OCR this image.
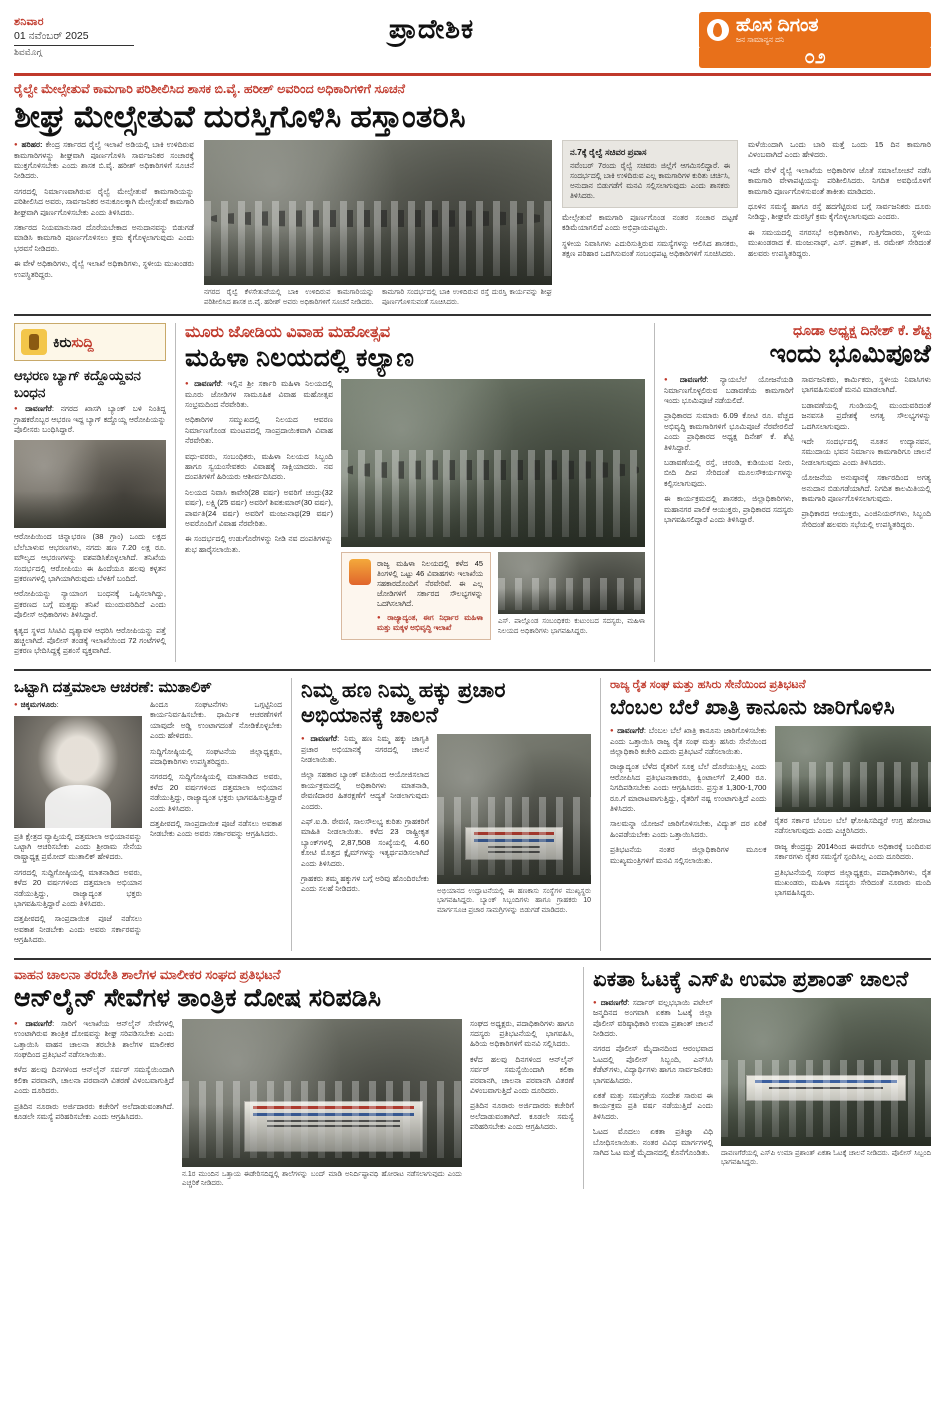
ಶನಿವಾರ
01 ನವೆಂಬರ್ 2025
ಶಿವಮೊಗ್ಗ
ಪ್ರಾದೇಶಿಕ	ಹೊಸ ದಿಗಂತ
ಜನ ಸಾಮಾನ್ಯನ ದನಿ
೦೨
ರೈಲ್ವೇ ಮೇಲ್ಸೇತುವೆ ಕಾಮಗಾರಿ ಪರಿಶೀಲಿಸಿದ ಶಾಸಕ ಬಿ.ವೈ. ಹರೀಶ್ ಅವರಿಂದ ಅಧಿಕಾರಿಗಳಿಗೆ ಸೂಚನೆ
ಶೀಘ್ರ ಮೇಲ್ಸೇತುವೆ ದುರಸ್ತಿಗೊಳಿಸಿ ಹಸ್ತಾಂತರಿಸಿ

● ಹರಿಹರ: ಕೇಂದ್ರ ಸರ್ಕಾರದ ರೈಲ್ವೆ ಇಲಾಖೆ ಅಡಿಯಲ್ಲಿ ಬಾಕಿ ಉಳಿದಿರುವ ಕಾಮಗಾರಿಗಳನ್ನು ಶೀಘ್ರವಾಗಿ ಪೂರ್ಣಗೊಳಿಸಿ ಸಾರ್ವಜನಿಕರ ಸಂಚಾರಕ್ಕೆ ಮುಕ್ತಗೊಳಿಸಬೇಕು ಎಂದು ಶಾಸಕ ಬಿ.ವೈ. ಹರೀಶ್ ಅಧಿಕಾರಿಗಳಿಗೆ ಸೂಚನೆ ನೀಡಿದರು.

ನಗರದಲ್ಲಿ ನಿರ್ಮಾಣವಾಗಿರುವ ರೈಲ್ವೆ ಮೇಲ್ಸೇತುವೆ ಕಾಮಗಾರಿಯನ್ನು ಪರಿಶೀಲಿಸಿದ ಅವರು, ಸಾರ್ವಜನಿಕರ ಅನುಕೂಲಕ್ಕಾಗಿ ಮೇಲ್ಸೇತುವೆ ಕಾಮಗಾರಿ ಶೀಘ್ರವಾಗಿ ಪೂರ್ಣಗೊಳಿಸಬೇಕು ಎಂದು ತಿಳಿಸಿದರು.

ಸರ್ಕಾರದ ನಿಯಮಾನುಸಾರ ದೊರೆಯಬೇಕಾದ ಅನುದಾನವನ್ನು ಬಿಡುಗಡೆ ಮಾಡಿಸಿ ಕಾಮಗಾರಿ ಪೂರ್ಣಗೊಳಿಸಲು ಕ್ರಮ ಕೈಗೊಳ್ಳಲಾಗುವುದು ಎಂದು ಭರವಸೆ ನೀಡಿದರು.

ಈ ವೇಳೆ ಅಧಿಕಾರಿಗಳು, ರೈಲ್ವೆ ಇಲಾಖೆ ಅಧಿಕಾರಿಗಳು, ಸ್ಥಳೀಯ ಮುಖಂಡರು ಉಪಸ್ಥಿತರಿದ್ದರು.

ನಗರದ ರೈಲ್ವೆ ಕೆಳಸೇತುವೆಯಲ್ಲಿ ಬಾಕಿ ಉಳಿದಿರುವ ಕಾಮಗಾರಿಯನ್ನು ಪರಿಶೀಲಿಸಿದ ಶಾಸಕ ಬಿ.ವೈ. ಹರೀಶ್ ಅವರು ಅಧಿಕಾರಿಗಳಿಗೆ ಸೂಚನೆ ನೀಡಿದರು.
ಕಾಮಗಾರಿ ಸಂದರ್ಭದಲ್ಲಿ ಬಾಕಿ ಉಳಿದಿರುವ ರಸ್ತೆ ದುರಸ್ತಿ ಕಾರ್ಯವನ್ನು ಶೀಘ್ರ ಪೂರ್ಣಗೊಳಿಸುವಂತೆ ಸೂಚಿಸಿದರು.
ನ.7ಕ್ಕೆ ರೈಲ್ವೆ ಸಚಿವರ ಪ್ರವಾಸ
ನವೆಂಬರ್ 7ರಂದು ರೈಲ್ವೆ ಸಚಿವರು ಜಿಲ್ಲೆಗೆ ಆಗಮಿಸಲಿದ್ದಾರೆ. ಈ ಸಂದರ್ಭದಲ್ಲಿ ಬಾಕಿ ಉಳಿದಿರುವ ಎಲ್ಲ ಕಾಮಗಾರಿಗಳ ಕುರಿತು ಚರ್ಚಿಸಿ, ಅನುದಾನ ಬಿಡುಗಡೆಗೆ ಮನವಿ ಸಲ್ಲಿಸಲಾಗುವುದು ಎಂದು ಶಾಸಕರು ತಿಳಿಸಿದರು.

ಮೇಲ್ಸೇತುವೆ ಕಾಮಗಾರಿ ಪೂರ್ಣಗೊಂಡ ನಂತರ ಸಂಚಾರ ದಟ್ಟಣೆ ಕಡಿಮೆಯಾಗಲಿದೆ ಎಂದು ಅಭಿಪ್ರಾಯಪಟ್ಟರು.

ಸ್ಥಳೀಯ ನಿವಾಸಿಗಳು ಎದುರಿಸುತ್ತಿರುವ ಸಮಸ್ಯೆಗಳನ್ನು ಆಲಿಸಿದ ಶಾಸಕರು, ತಕ್ಷಣ ಪರಿಹಾರ ಒದಗಿಸುವಂತೆ ಸಂಬಂಧಪಟ್ಟ ಅಧಿಕಾರಿಗಳಿಗೆ ಸೂಚಿಸಿದರು.

ಮಳೆಯಿಂದಾಗಿ ಒಂದು ಬಾರಿ ಮತ್ತೆ ಒಂದು 15 ದಿನ ಕಾಮಗಾರಿ ವಿಳಂಬವಾಗಿದೆ ಎಂದು ಹೇಳಿದರು.

ಇದೇ ವೇಳೆ ರೈಲ್ವೆ ಇಲಾಖೆಯ ಅಧಿಕಾರಿಗಳ ಜೊತೆ ಸಮಾಲೋಚನೆ ನಡೆಸಿ ಕಾಮಗಾರಿ ವೇಳಾಪಟ್ಟಿಯನ್ನು ಪರಿಶೀಲಿಸಿದರು. ನಿಗದಿತ ಅವಧಿಯೊಳಗೆ ಕಾಮಗಾರಿ ಪೂರ್ಣಗೊಳಿಸುವಂತೆ ತಾಕೀತು ಮಾಡಿದರು.

ಧೂಳಿನ ಸಮಸ್ಯೆ ಹಾಗೂ ರಸ್ತೆ ಹದಗೆಟ್ಟಿರುವ ಬಗ್ಗೆ ಸಾರ್ವಜನಿಕರು ದೂರು ನೀಡಿದ್ದು, ಶೀಘ್ರವೇ ದುರಸ್ತಿಗೆ ಕ್ರಮ ಕೈಗೊಳ್ಳಲಾಗುವುದು ಎಂದರು.

ಈ ಸಮಯದಲ್ಲಿ ನಗರಸಭೆ ಅಧಿಕಾರಿಗಳು, ಗುತ್ತಿಗೆದಾರರು, ಸ್ಥಳೀಯ ಮುಖಂಡರಾದ ಕೆ. ಮಂಜುನಾಥ್, ಎಸ್. ಪ್ರಕಾಶ್, ಜಿ. ರಮೇಶ್ ಸೇರಿದಂತೆ ಹಲವರು ಉಪಸ್ಥಿತರಿದ್ದರು.

ಕಿರುಸುದ್ದಿ
ಆಭರಣ ಬ್ಯಾಗ್ ಕದ್ದೊಯ್ದವನ ಬಂಧನ

● ದಾವಣಗೆರೆ: ನಗರದ ಖಾಸಗಿ ಬ್ಯಾಂಕ್ ಬಳಿ ನಿಂತಿದ್ದ ಗ್ರಾಹಕರೊಬ್ಬರ ಆಭರಣ ಇದ್ದ ಬ್ಯಾಗ್ ಕದ್ದೊಯ್ದ ಆರೋಪಿಯನ್ನು ಪೊಲೀಸರು ಬಂಧಿಸಿದ್ದಾರೆ.

ಆರೋಪಿಯಿಂದ ಚಿನ್ನಾಭರಣ (38 ಗ್ರಾಂ) ಒಂದು ಲಕ್ಷದ ಬೆಲೆಬಾಳುವ ಆಭರಣಗಳು, ನಗದು ಹಣ 7.20 ಲಕ್ಷ ರೂ. ಮೌಲ್ಯದ ಆಭರಣಗಳನ್ನು ವಶಪಡಿಸಿಕೊಳ್ಳಲಾಗಿದೆ. ತನಿಖೆಯ ಸಂದರ್ಭದಲ್ಲಿ ಆರೋಪಿಯು ಈ ಹಿಂದೆಯೂ ಹಲವು ಕಳ್ಳತನ ಪ್ರಕರಣಗಳಲ್ಲಿ ಭಾಗಿಯಾಗಿರುವುದು ಬೆಳಕಿಗೆ ಬಂದಿದೆ.

ಆರೋಪಿಯನ್ನು ನ್ಯಾಯಾಂಗ ಬಂಧನಕ್ಕೆ ಒಪ್ಪಿಸಲಾಗಿದ್ದು, ಪ್ರಕರಣದ ಬಗ್ಗೆ ಮತ್ತಷ್ಟು ತನಿಖೆ ಮುಂದುವರಿದಿದೆ ಎಂದು ಪೊಲೀಸ್ ಅಧಿಕಾರಿಗಳು ತಿಳಿಸಿದ್ದಾರೆ.

ಕೃತ್ಯದ ಸ್ಥಳದ ಸಿಸಿಟಿವಿ ದೃಶ್ಯಾವಳಿ ಆಧರಿಸಿ ಆರೋಪಿಯನ್ನು ಪತ್ತೆ ಹಚ್ಚಲಾಗಿದೆ. ಪೊಲೀಸ್ ತಂಡಕ್ಕೆ ಇಲಾಖೆಯಿಂದ 72 ಗಂಟೆಗಳಲ್ಲಿ ಪ್ರಕರಣ ಭೇದಿಸಿದ್ದಕ್ಕೆ ಪ್ರಶಂಸೆ ವ್ಯಕ್ತವಾಗಿದೆ.

ಮೂರು ಜೋಡಿಯ ವಿವಾಹ ಮಹೋತ್ಸವ
ಮಹಿಳಾ ನಿಲಯದಲ್ಲಿ ಕಲ್ಯಾಣ

● ದಾವಣಗೆರೆ: ಇಲ್ಲಿನ ಶ್ರೀ ಸರ್ಕಾರಿ ಮಹಿಳಾ ನಿಲಯದಲ್ಲಿ ಮೂರು ಜೋಡಿಗಳ ಸಾಮೂಹಿಕ ವಿವಾಹ ಮಹೋತ್ಸವ ಸಂಭ್ರಮದಿಂದ ನೆರವೇರಿತು.

ಅಧಿಕಾರಿಗಳ ಸಮ್ಮುಖದಲ್ಲಿ ನಿಲಯದ ಆವರಣ ನಿರ್ಮಾಣಗೊಂಡ ಮಂಟಪದಲ್ಲಿ ಸಾಂಪ್ರದಾಯಿಕವಾಗಿ ವಿವಾಹ ನೆರವೇರಿತು.

ವಧು-ವರರು, ಸಂಬಂಧಿಕರು, ಮಹಿಳಾ ನಿಲಯದ ಸಿಬ್ಬಂದಿ ಹಾಗೂ ಸ್ವಯಂಸೇವಕರು ವಿವಾಹಕ್ಕೆ ಸಾಕ್ಷಿಯಾದರು. ನವ ದಂಪತಿಗಳಿಗೆ ಹಿರಿಯರು ಆಶೀರ್ವದಿಸಿದರು.

ನಿಲಯದ ನಿವಾಸಿ ಕಾವೇರಿ(28 ವರ್ಷ) ಅವರಿಗೆ ಚಂದ್ರು(32 ವರ್ಷ), ಲಕ್ಷ್ಮಿ(25 ವರ್ಷ) ಅವರಿಗೆ ಶಿವಕುಮಾರ್(30 ವರ್ಷ), ಪಾರ್ವತಿ(24 ವರ್ಷ) ಅವರಿಗೆ ಮಂಜುನಾಥ(29 ವರ್ಷ) ಅವರೊಂದಿಗೆ ವಿವಾಹ ನೆರವೇರಿತು.

ಈ ಸಂದರ್ಭದಲ್ಲಿ ಉಡುಗೊರೆಗಳನ್ನು ನೀಡಿ ನವ ದಂಪತಿಗಳನ್ನು ಶುಭ ಹಾರೈಸಲಾಯಿತು.

ರಾಜ್ಯ ಮಹಿಳಾ ನಿಲಯದಲ್ಲಿ ಕಳೆದ 45 ತಿಂಗಳಲ್ಲಿ ಒಟ್ಟು 46 ವಿವಾಹಗಳು ಇಲಾಖೆಯ ಸಹಕಾರದೊಂದಿಗೆ ನೆರವೇರಿವೆ. ಈ ಎಲ್ಲ ಜೋಡಿಗಳಿಗೆ ಸರ್ಕಾರದ ಸೌಲಭ್ಯಗಳನ್ನು ಒದಗಿಸಲಾಗಿದೆ.
● ರಾಜ್ಯಾದ್ಯಂತ, ಈಗ ನಿರ್ಧಾರ ಮಹಿಳಾ ಮತ್ತು ಮಕ್ಕಳ ಅಭಿವೃದ್ಧಿ ಇಲಾಖೆ
ಎಸ್. ಪಾಲ್ಗೊಂಡ ಸಂಬಂಧಿಕರು ಕುಟುಂಬದ ಸದಸ್ಯರು, ಮಹಿಳಾ ನಿಲಯದ ಅಧಿಕಾರಿಗಳು ಭಾಗವಹಿಸಿದ್ದರು.
ಧೂಡಾ ಅಧ್ಯಕ್ಷ ದಿನೇಶ್ ಕೆ. ಶೆಟ್ಟಿ
ಇಂದು ಭೂಮಿಪೂಜೆ

● ದಾವಣಗೆರೆ: ನ್ಯಾಯಬೆಲೆ ಯೋಜನೆಯಡಿ ನಿರ್ಮಾಣಗೊಳ್ಳಲಿರುವ ಬಡಾವಣೆಯ ಕಾಮಗಾರಿಗೆ ಇಂದು ಭೂಮಿಪೂಜೆ ನಡೆಯಲಿದೆ.

ಪ್ರಾಧಿಕಾರದ ಸುಮಾರು 6.09 ಕೋಟಿ ರೂ. ವೆಚ್ಚದ ಅಭಿವೃದ್ಧಿ ಕಾಮಗಾರಿಗಳಿಗೆ ಭೂಮಿಪೂಜೆ ನೆರವೇರಲಿದೆ ಎಂದು ಪ್ರಾಧಿಕಾರದ ಅಧ್ಯಕ್ಷ ದಿನೇಶ್ ಕೆ. ಶೆಟ್ಟಿ ತಿಳಿಸಿದ್ದಾರೆ.

ಬಡಾವಣೆಯಲ್ಲಿ ರಸ್ತೆ, ಚರಂಡಿ, ಕುಡಿಯುವ ನೀರು, ಬೀದಿ ದೀಪ ಸೇರಿದಂತೆ ಮೂಲಸೌಕರ್ಯಗಳನ್ನು ಕಲ್ಪಿಸಲಾಗುವುದು.

ಈ ಕಾರ್ಯಕ್ರಮದಲ್ಲಿ ಶಾಸಕರು, ಜಿಲ್ಲಾಧಿಕಾರಿಗಳು, ಮಹಾನಗರ ಪಾಲಿಕೆ ಆಯುಕ್ತರು, ಪ್ರಾಧಿಕಾರದ ಸದಸ್ಯರು ಭಾಗವಹಿಸಲಿದ್ದಾರೆ ಎಂದು ತಿಳಿಸಿದ್ದಾರೆ.

ಸಾರ್ವಜನಿಕರು, ಕಾರ್ಮಿಕರು, ಸ್ಥಳೀಯ ನಿವಾಸಿಗಳು ಭಾಗವಹಿಸುವಂತೆ ಮನವಿ ಮಾಡಲಾಗಿದೆ.

ಬಡಾವಣೆಯಲ್ಲಿ ಗುಂಡಿಯಲ್ಲಿ ಮುಂದುವರಿದಂತೆ ಜನವಸತಿ ಪ್ರದೇಶಕ್ಕೆ ಅಗತ್ಯ ಸೌಲಭ್ಯಗಳನ್ನು ಒದಗಿಸಲಾಗುವುದು.

ಇದೇ ಸಂದರ್ಭದಲ್ಲಿ ನೂತನ ಉದ್ಯಾನವನ, ಸಮುದಾಯ ಭವನ ನಿರ್ಮಾಣ ಕಾಮಗಾರಿಗೂ ಚಾಲನೆ ನೀಡಲಾಗುವುದು ಎಂದು ತಿಳಿಸಿದರು.

ಯೋಜನೆಯ ಅನುಷ್ಠಾನಕ್ಕೆ ಸರ್ಕಾರದಿಂದ ಅಗತ್ಯ ಅನುದಾನ ಬಿಡುಗಡೆಯಾಗಿದೆ. ನಿಗದಿತ ಕಾಲಮಿತಿಯಲ್ಲಿ ಕಾಮಗಾರಿ ಪೂರ್ಣಗೊಳಿಸಲಾಗುವುದು.

ಪ್ರಾಧಿಕಾರದ ಆಯುಕ್ತರು, ಎಂಜಿನಿಯರ್‌ಗಳು, ಸಿಬ್ಬಂದಿ ಸೇರಿದಂತೆ ಹಲವರು ಸಭೆಯಲ್ಲಿ ಉಪಸ್ಥಿತರಿದ್ದರು.

ಒಟ್ಟಾಗಿ ದತ್ತಮಾಲಾ ಆಚರಣೆ: ಮುತಾಲಿಕ್

● ಚಿಕ್ಕಮಗಳೂರು:

ಪ್ರತಿ ಕ್ಷೇತ್ರದ ವ್ಯಾಪ್ತಿಯಲ್ಲಿ ದತ್ತಮಾಲಾ ಅಭಿಯಾನವನ್ನು ಒಟ್ಟಾಗಿ ಆಚರಿಸಬೇಕು ಎಂದು ಶ್ರೀರಾಮ ಸೇನೆಯ ರಾಷ್ಟ್ರಾಧ್ಯಕ್ಷ ಪ್ರಮೋದ್ ಮುತಾಲಿಕ್ ಹೇಳಿದರು.

ನಗರದಲ್ಲಿ ಸುದ್ದಿಗೋಷ್ಠಿಯಲ್ಲಿ ಮಾತನಾಡಿದ ಅವರು, ಕಳೆದ 20 ವರ್ಷಗಳಿಂದ ದತ್ತಮಾಲಾ ಅಭಿಯಾನ ನಡೆಯುತ್ತಿದ್ದು, ರಾಜ್ಯಾದ್ಯಂತ ಭಕ್ತರು ಭಾಗವಹಿಸುತ್ತಿದ್ದಾರೆ ಎಂದು ತಿಳಿಸಿದರು.

ದತ್ತಪೀಠದಲ್ಲಿ ಸಾಂಪ್ರದಾಯಿಕ ಪೂಜೆ ನಡೆಸಲು ಅವಕಾಶ ನೀಡಬೇಕು ಎಂದು ಅವರು ಸರ್ಕಾರವನ್ನು ಆಗ್ರಹಿಸಿದರು.

ಹಿಂದೂ ಸಂಘಟನೆಗಳು ಒಗ್ಗಟ್ಟಿನಿಂದ ಕಾರ್ಯನಿರ್ವಹಿಸಬೇಕು. ಧಾರ್ಮಿಕ ಆಚರಣೆಗಳಿಗೆ ಯಾವುದೇ ಅಡ್ಡಿ ಉಂಟಾಗದಂತೆ ನೋಡಿಕೊಳ್ಳಬೇಕು ಎಂದು ಹೇಳಿದರು.

ಸುದ್ದಿಗೋಷ್ಠಿಯಲ್ಲಿ ಸಂಘಟನೆಯ ಜಿಲ್ಲಾಧ್ಯಕ್ಷರು, ಪದಾಧಿಕಾರಿಗಳು ಉಪಸ್ಥಿತರಿದ್ದರು.

ನಗರದಲ್ಲಿ ಸುದ್ದಿಗೋಷ್ಠಿಯಲ್ಲಿ ಮಾತನಾಡಿದ ಅವರು, ಕಳೆದ 20 ವರ್ಷಗಳಿಂದ ದತ್ತಮಾಲಾ ಅಭಿಯಾನ ನಡೆಯುತ್ತಿದ್ದು, ರಾಜ್ಯಾದ್ಯಂತ ಭಕ್ತರು ಭಾಗವಹಿಸುತ್ತಿದ್ದಾರೆ ಎಂದು ತಿಳಿಸಿದರು.

ದತ್ತಪೀಠದಲ್ಲಿ ಸಾಂಪ್ರದಾಯಿಕ ಪೂಜೆ ನಡೆಸಲು ಅವಕಾಶ ನೀಡಬೇಕು ಎಂದು ಅವರು ಸರ್ಕಾರವನ್ನು ಆಗ್ರಹಿಸಿದರು.

ನಿಮ್ಮ ಹಣ ನಿಮ್ಮ ಹಕ್ಕು ಪ್ರಚಾರ ಅಭಿಯಾನಕ್ಕೆ ಚಾಲನೆ

● ದಾವಣಗೆರೆ: ನಿಮ್ಮ ಹಣ ನಿಮ್ಮ ಹಕ್ಕು ಜಾಗೃತಿ ಪ್ರಚಾರ ಅಭಿಯಾನಕ್ಕೆ ನಗರದಲ್ಲಿ ಚಾಲನೆ ನೀಡಲಾಯಿತು.

ಜಿಲ್ಲಾ ಸಹಕಾರ ಬ್ಯಾಂಕ್ ವತಿಯಿಂದ ಆಯೋಜಿಸಲಾದ ಕಾರ್ಯಕ್ರಮದಲ್ಲಿ ಅಧಿಕಾರಿಗಳು ಮಾತನಾಡಿ, ಠೇವಣಿದಾರರ ಹಿತರಕ್ಷಣೆಗೆ ಆದ್ಯತೆ ನೀಡಲಾಗುವುದು ಎಂದರು.

ಎಫ್.ಐ.ಡಿ. ಠೇವಣಿ, ಸಾಲಸೌಲಭ್ಯ ಕುರಿತು ಗ್ರಾಹಕರಿಗೆ ಮಾಹಿತಿ ನೀಡಲಾಯಿತು. ಕಳೆದ 23 ರಾಷ್ಟ್ರೀಕೃತ ಬ್ಯಾಂಕ್‌ಗಳಲ್ಲಿ 2,87,508 ಸಂಖ್ಯೆಯಲ್ಲಿ 4.60 ಕೋಟಿ ಮೊತ್ತದ ಕ್ಲೈಮ್‌ಗಳನ್ನು ಇತ್ಯರ್ಥಪಡಿಸಲಾಗಿದೆ ಎಂದು ತಿಳಿಸಿದರು.

ಗ್ರಾಹಕರು ತಮ್ಮ ಹಕ್ಕುಗಳ ಬಗ್ಗೆ ಅರಿವು ಹೊಂದಿರಬೇಕು ಎಂದು ಸಲಹೆ ನೀಡಿದರು.	ಅಭಿಯಾನದ ಉದ್ಘಾಟನೆಯಲ್ಲಿ ಈ ಹಣಕಾಸು ಸಂಸ್ಥೆಗಳ ಮುಖ್ಯಸ್ಥರು ಭಾಗವಹಿಸಿದ್ದರು. ಬ್ಯಾಂಕ್ ಸಿಬ್ಬಂದಿಗಳು ಹಾಗೂ ಗ್ರಾಹಕರು 10 ಮಾರ್ಗಸೂಚಿ ಪ್ರಚಾರ ಸಾಮಗ್ರಿಗಳನ್ನು ಬಿಡುಗಡೆ ಮಾಡಿದರು.
ರಾಜ್ಯ ರೈತ ಸಂಘ ಮತ್ತು ಹಸಿರು ಸೇನೆಯಿಂದ ಪ್ರತಿಭಟನೆ
ಬೆಂಬಲ ಬೆಲೆ ಖಾತ್ರಿ ಕಾನೂನು ಜಾರಿಗೊಳಿಸಿ

● ದಾವಣಗೆರೆ: ಬೆಂಬಲ ಬೆಲೆ ಖಾತ್ರಿ ಕಾನೂನು ಜಾರಿಗೊಳಿಸಬೇಕು ಎಂದು ಒತ್ತಾಯಿಸಿ ರಾಜ್ಯ ರೈತ ಸಂಘ ಮತ್ತು ಹಸಿರು ಸೇನೆಯಿಂದ ಜಿಲ್ಲಾಧಿಕಾರಿ ಕಚೇರಿ ಎದುರು ಪ್ರತಿಭಟನೆ ನಡೆಸಲಾಯಿತು.

ರಾಜ್ಯಾದ್ಯಂತ ಬೆಳೆದ ರೈತರಿಗೆ ಸೂಕ್ತ ಬೆಲೆ ದೊರೆಯುತ್ತಿಲ್ಲ ಎಂದು ಆರೋಪಿಸಿದ ಪ್ರತಿಭಟನಾಕಾರರು, ಕ್ವಿಂಟಾಲ್‌ಗೆ 2,400 ರೂ. ನಿಗದಿಪಡಿಸಬೇಕು ಎಂದು ಆಗ್ರಹಿಸಿದರು. ಪ್ರಸ್ತುತ 1,300-1,700 ರೂ.ಗೆ ಮಾರಾಟವಾಗುತ್ತಿದ್ದು, ರೈತರಿಗೆ ನಷ್ಟ ಉಂಟಾಗುತ್ತಿದೆ ಎಂದು ತಿಳಿಸಿದರು.

ಸಾಲಮನ್ನಾ ಯೋಜನೆ ಜಾರಿಗೊಳಿಸಬೇಕು, ವಿದ್ಯುತ್ ದರ ಏರಿಕೆ ಹಿಂಪಡೆಯಬೇಕು ಎಂದು ಒತ್ತಾಯಿಸಿದರು.

ಪ್ರತಿಭಟನೆಯ ನಂತರ ಜಿಲ್ಲಾಧಿಕಾರಿಗಳ ಮೂಲಕ ಮುಖ್ಯಮಂತ್ರಿಗಳಿಗೆ ಮನವಿ ಸಲ್ಲಿಸಲಾಯಿತು.

ರೈತರ ಸರ್ಕಾರ ಬೆಂಬಲ ಬೆಲೆ ಘೋಷಿಸದಿದ್ದರೆ ಉಗ್ರ ಹೋರಾಟ ನಡೆಸಲಾಗುವುದು ಎಂದು ಎಚ್ಚರಿಸಿದರು.

ರಾಜ್ಯ ಕೇಂದ್ರದ್ದು 2014ರಿಂದ ಈವರೆಗೂ ಅಧಿಕಾರಕ್ಕೆ ಬಂದಿರುವ ಸರ್ಕಾರಗಳು ರೈತರ ಸಮಸ್ಯೆಗೆ ಸ್ಪಂದಿಸಿಲ್ಲ ಎಂದು ದೂರಿದರು.

ಪ್ರತಿಭಟನೆಯಲ್ಲಿ ಸಂಘದ ಜಿಲ್ಲಾಧ್ಯಕ್ಷರು, ಪದಾಧಿಕಾರಿಗಳು, ರೈತ ಮುಖಂಡರು, ಮಹಿಳಾ ಸದಸ್ಯರು ಸೇರಿದಂತೆ ನೂರಾರು ಮಂದಿ ಭಾಗವಹಿಸಿದ್ದರು.

ವಾಹನ ಚಾಲನಾ ತರಬೇತಿ ಶಾಲೆಗಳ ಮಾಲೀಕರ ಸಂಘದ ಪ್ರತಿಭಟನೆ
ಆನ್‌ಲೈನ್ ಸೇವೆಗಳ ತಾಂತ್ರಿಕ ದೋಷ ಸರಿಪಡಿಸಿ

● ದಾವಣಗೆರೆ: ಸಾರಿಗೆ ಇಲಾಖೆಯ ಆನ್‌ಲೈನ್ ಸೇವೆಗಳಲ್ಲಿ ಉಂಟಾಗಿರುವ ತಾಂತ್ರಿಕ ದೋಷವನ್ನು ಶೀಘ್ರ ಸರಿಪಡಿಸಬೇಕು ಎಂದು ಒತ್ತಾಯಿಸಿ ವಾಹನ ಚಾಲನಾ ತರಬೇತಿ ಶಾಲೆಗಳ ಮಾಲೀಕರ ಸಂಘದಿಂದ ಪ್ರತಿಭಟನೆ ನಡೆಸಲಾಯಿತು.

ಕಳೆದ ಹಲವು ದಿನಗಳಿಂದ ಆನ್‌ಲೈನ್ ಸರ್ವರ್ ಸಮಸ್ಯೆಯಿಂದಾಗಿ ಕಲಿಕಾ ಪರವಾನಗಿ, ಚಾಲನಾ ಪರವಾನಗಿ ವಿತರಣೆ ವಿಳಂಬವಾಗುತ್ತಿದೆ ಎಂದು ದೂರಿದರು.

ಪ್ರತಿದಿನ ನೂರಾರು ಅರ್ಜಿದಾರರು ಕಚೇರಿಗೆ ಅಲೆದಾಡುವಂತಾಗಿದೆ. ಕೂಡಲೇ ಸಮಸ್ಯೆ ಪರಿಹರಿಸಬೇಕು ಎಂದು ಆಗ್ರಹಿಸಿದರು.

ನ.1ರ ಮುಂದಿನ ಒತ್ತಾಯ ಈಡೇರಿಸದಿದ್ದಲ್ಲಿ ಶಾಲೆಗಳನ್ನು ಬಂದ್ ಮಾಡಿ ಅನಿರ್ದಿಷ್ಟಾವಧಿ ಹೋರಾಟ ನಡೆಸಲಾಗುವುದು ಎಂದು ಎಚ್ಚರಿಕೆ ನೀಡಿದರು.

ಸಂಘದ ಅಧ್ಯಕ್ಷರು, ಪದಾಧಿಕಾರಿಗಳು ಹಾಗೂ ಸದಸ್ಯರು ಪ್ರತಿಭಟನೆಯಲ್ಲಿ ಭಾಗವಹಿಸಿ, ಹಿರಿಯ ಅಧಿಕಾರಿಗಳಿಗೆ ಮನವಿ ಸಲ್ಲಿಸಿದರು.

ಕಳೆದ ಹಲವು ದಿನಗಳಿಂದ ಆನ್‌ಲೈನ್ ಸರ್ವರ್ ಸಮಸ್ಯೆಯಿಂದಾಗಿ ಕಲಿಕಾ ಪರವಾನಗಿ, ಚಾಲನಾ ಪರವಾನಗಿ ವಿತರಣೆ ವಿಳಂಬವಾಗುತ್ತಿದೆ ಎಂದು ದೂರಿದರು.

ಪ್ರತಿದಿನ ನೂರಾರು ಅರ್ಜಿದಾರರು ಕಚೇರಿಗೆ ಅಲೆದಾಡುವಂತಾಗಿದೆ. ಕೂಡಲೇ ಸಮಸ್ಯೆ ಪರಿಹರಿಸಬೇಕು ಎಂದು ಆಗ್ರಹಿಸಿದರು.

ಏಕತಾ ಓಟಕ್ಕೆ ಎಸ್‌ಪಿ ಉಮಾ ಪ್ರಶಾಂತ್ ಚಾಲನೆ

● ದಾವಣಗೆರೆ: ಸರ್ದಾರ್ ವಲ್ಲಭಭಾಯಿ ಪಟೇಲ್ ಜನ್ಮದಿನದ ಅಂಗವಾಗಿ ಏಕತಾ ಓಟಕ್ಕೆ ಜಿಲ್ಲಾ ಪೊಲೀಸ್ ವರಿಷ್ಠಾಧಿಕಾರಿ ಉಮಾ ಪ್ರಶಾಂತ್ ಚಾಲನೆ ನೀಡಿದರು.

ನಗರದ ಪೊಲೀಸ್ ಮೈದಾನದಿಂದ ಆರಂಭವಾದ ಓಟದಲ್ಲಿ ಪೊಲೀಸ್ ಸಿಬ್ಬಂದಿ, ಎನ್‌ಸಿಸಿ ಕೆಡೆಟ್‌ಗಳು, ವಿದ್ಯಾರ್ಥಿಗಳು ಹಾಗೂ ಸಾರ್ವಜನಿಕರು ಭಾಗವಹಿಸಿದರು.

ಏಕತೆ ಮತ್ತು ಸಮಗ್ರತೆಯ ಸಂದೇಶ ಸಾರುವ ಈ ಕಾರ್ಯಕ್ರಮ ಪ್ರತಿ ವರ್ಷ ನಡೆಯುತ್ತಿದೆ ಎಂದು ತಿಳಿಸಿದರು.

ಓಟದ ಮೊದಲು ಏಕತಾ ಪ್ರತಿಜ್ಞಾ ವಿಧಿ ಬೋಧಿಸಲಾಯಿತು. ನಂತರ ವಿವಿಧ ಮಾರ್ಗಗಳಲ್ಲಿ ಸಾಗಿದ ಓಟ ಮತ್ತೆ ಮೈದಾನದಲ್ಲಿ ಕೊನೆಗೊಂಡಿತು.	ದಾವಣಗೆರೆಯಲ್ಲಿ ಎಸ್‌ಪಿ ಉಮಾ ಪ್ರಶಾಂತ್ ಏಕತಾ ಓಟಕ್ಕೆ ಚಾಲನೆ ನೀಡಿದರು. ಪೊಲೀಸ್ ಸಿಬ್ಬಂದಿ ಭಾಗವಹಿಸಿದ್ದರು.
